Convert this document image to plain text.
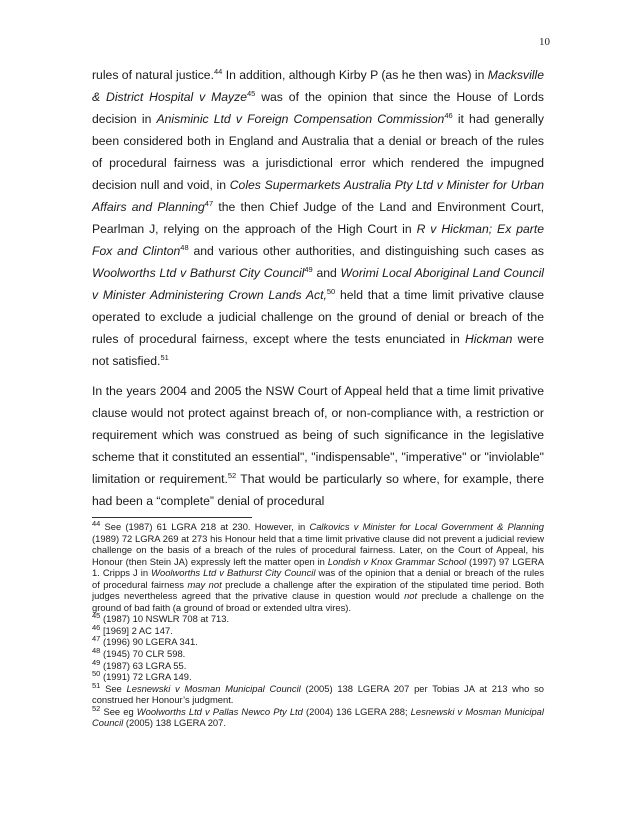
10

rules of natural justice.$^{44}$ In addition, although Kirby P (as he then was) in Macksville & District Hospital v Mayze$^{45}$ was of the opinion that since the House of Lords decision in Anisminic Ltd v Foreign Compensation Commission$^{46}$ it had generally been considered both in England and Australia that a denial or breach of the rules of procedural fairness was a jurisdictional error which rendered the impugned decision null and void, in Coles Supermarkets Australia Pty Ltd v Minister for Urban Affairs and Planning$^{47}$ the then Chief Judge of the Land and Environment Court, Pearlman J, relying on the approach of the High Court in R v Hickman; Ex parte Fox and Clinton$^{48}$ and various other authorities, and distinguishing such cases as Woolworths Ltd v Bathurst City Council$^{49}$ and Worimi Local Aboriginal Land Council v Minister Administering Crown Lands Act,$^{50}$ held that a time limit privative clause operated to exclude a judicial challenge on the ground of denial or breach of the rules of procedural fairness, except where the tests enunciated in Hickman were not satisfied.$^{51}$

In the years 2004 and 2005 the NSW Court of Appeal held that a time limit privative clause would not protect against breach of, or non-compliance with, a restriction or requirement which was construed as being of such significance in the legislative scheme that it constituted an essential", "indispensable", "imperative" or "inviolable" limitation or requirement.$^{52}$ That would be particularly so where, for example, there had been a “complete” denial of procedural

$^{44}$ See (1987) 61 LGRA 218 at 230. However, in Calkovics v Minister for Local Government & Planning (1989) 72 LGRA 269 at 273 his Honour held that a time limit privative clause did not prevent a judicial review challenge on the basis of a breach of the rules of procedural fairness. Later, on the Court of Appeal, his Honour (then Stein JA) expressly left the matter open in Londish v Knox Grammar School (1997) 97 LGERA 1. Cripps J in Woolworths Ltd v Bathurst City Council was of the opinion that a denial or breach of the rules of procedural fairness may not preclude a challenge after the expiration of the stipulated time period. Both judges nevertheless agreed that the privative clause in question would not preclude a challenge on the ground of bad faith (a ground of broad or extended ultra vires).

$^{45}$ (1987) 10 NSWLR 708 at 713.

$^{46}$ [1969] 2 AC 147.

$^{47}$ (1996) 90 LGERA 341.

$^{48}$ (1945) 70 CLR 598.

$^{49}$ (1987) 63 LGRA 55.

$^{50}$ (1991) 72 LGRA 149.

$^{51}$ See Lesnewski v Mosman Municipal Council (2005) 138 LGERA 207 per Tobias JA at 213 who so construed her Honour’s judgment.

$^{52}$ See eg Woolworths Ltd v Pallas Newco Pty Ltd (2004) 136 LGERA 288; Lesnewski v Mosman Municipal Council (2005) 138 LGERA 207.
